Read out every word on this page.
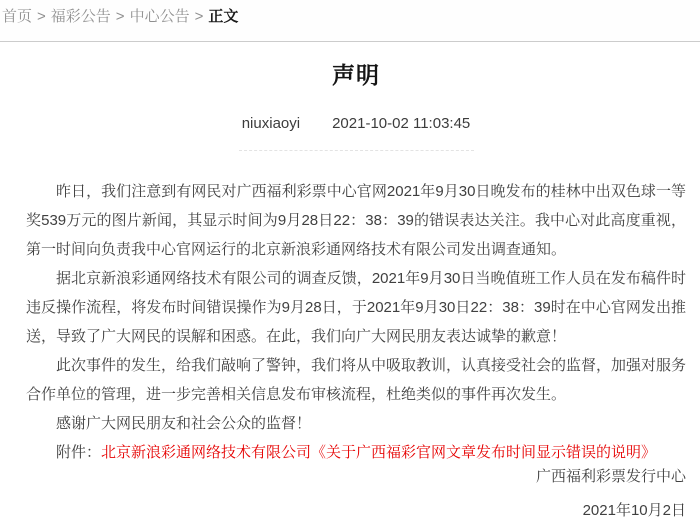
首页 > 福彩公告 > 中心公告 > 正文
声明
niuxiaoyi 2021-10-02 11:03:45

昨日，我们注意到有网民对广西福利彩票中心官网2021年9月30日晚发布的桂林中出双色球一等奖539万元的图片新闻，其显示时间为9月28日22：38：39的错误表达关注。我中心对此高度重视，第一时间向负责我中心官网运行的北京新浪彩通网络技术有限公司发出调查通知。

据北京新浪彩通网络技术有限公司的调查反馈，2021年9月30日当晚值班工作人员在发布稿件时违反操作流程，将发布时间错误操作为9月28日，于2021年9月30日22：38：39时在中心官网发出推送，导致了广大网民的误解和困惑。在此，我们向广大网民朋友表达诚挚的歉意！

此次事件的发生，给我们敲响了警钟，我们将从中吸取教训，认真接受社会的监督，加强对服务合作单位的管理，进一步完善相关信息发布审核流程，杜绝类似的事件再次发生。

感谢广大网民朋友和社会公众的监督！

附件：北京新浪彩通网络技术有限公司《关于广西福彩官网文章发布时间显示错误的说明》

广西福利彩票发行中心
2021年10月2日
